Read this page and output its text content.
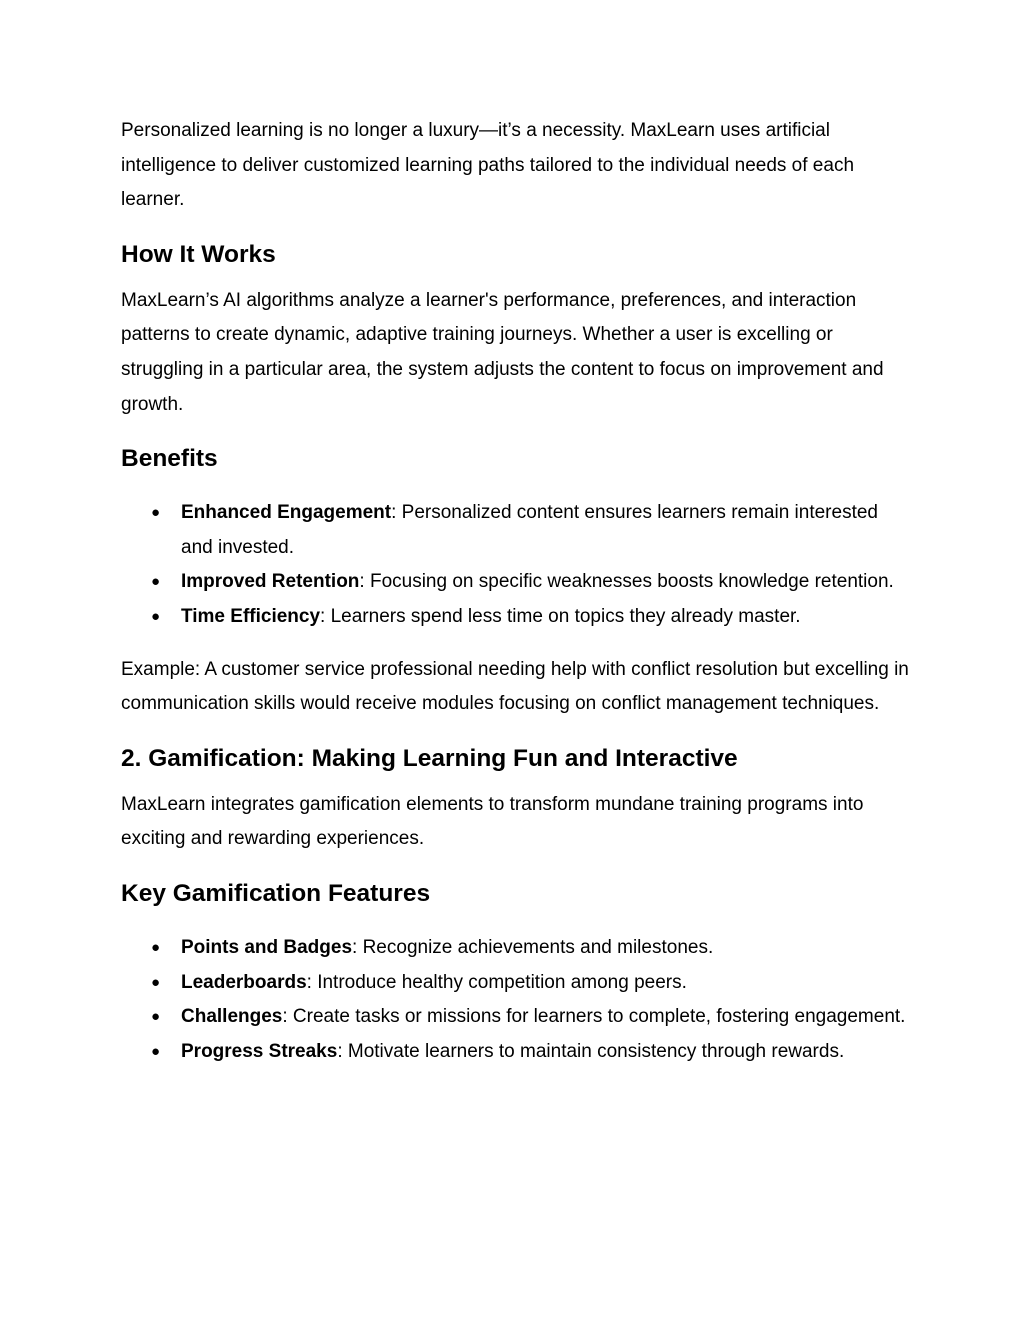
Personalized learning is no longer a luxury—it’s a necessity. MaxLearn uses artificial intelligence to deliver customized learning paths tailored to the individual needs of each learner.

How It Works

MaxLearn’s AI algorithms analyze a learner's performance, preferences, and interaction patterns to create dynamic, adaptive training journeys. Whether a user is excelling or struggling in a particular area, the system adjusts the content to focus on improvement and growth.

Benefits
● Enhanced Engagement: Personalized content ensures learners remain interested and invested.
● Improved Retention: Focusing on specific weaknesses boosts knowledge retention.
● Time Efficiency: Learners spend less time on topics they already master.

Example: A customer service professional needing help with conflict resolution but excelling in communication skills would receive modules focusing on conflict management techniques.

2. Gamification: Making Learning Fun and Interactive

MaxLearn integrates gamification elements to transform mundane training programs into exciting and rewarding experiences.

Key Gamification Features
● Points and Badges: Recognize achievements and milestones.
● Leaderboards: Introduce healthy competition among peers.
● Challenges: Create tasks or missions for learners to complete, fostering engagement.
● Progress Streaks: Motivate learners to maintain consistency through rewards.
